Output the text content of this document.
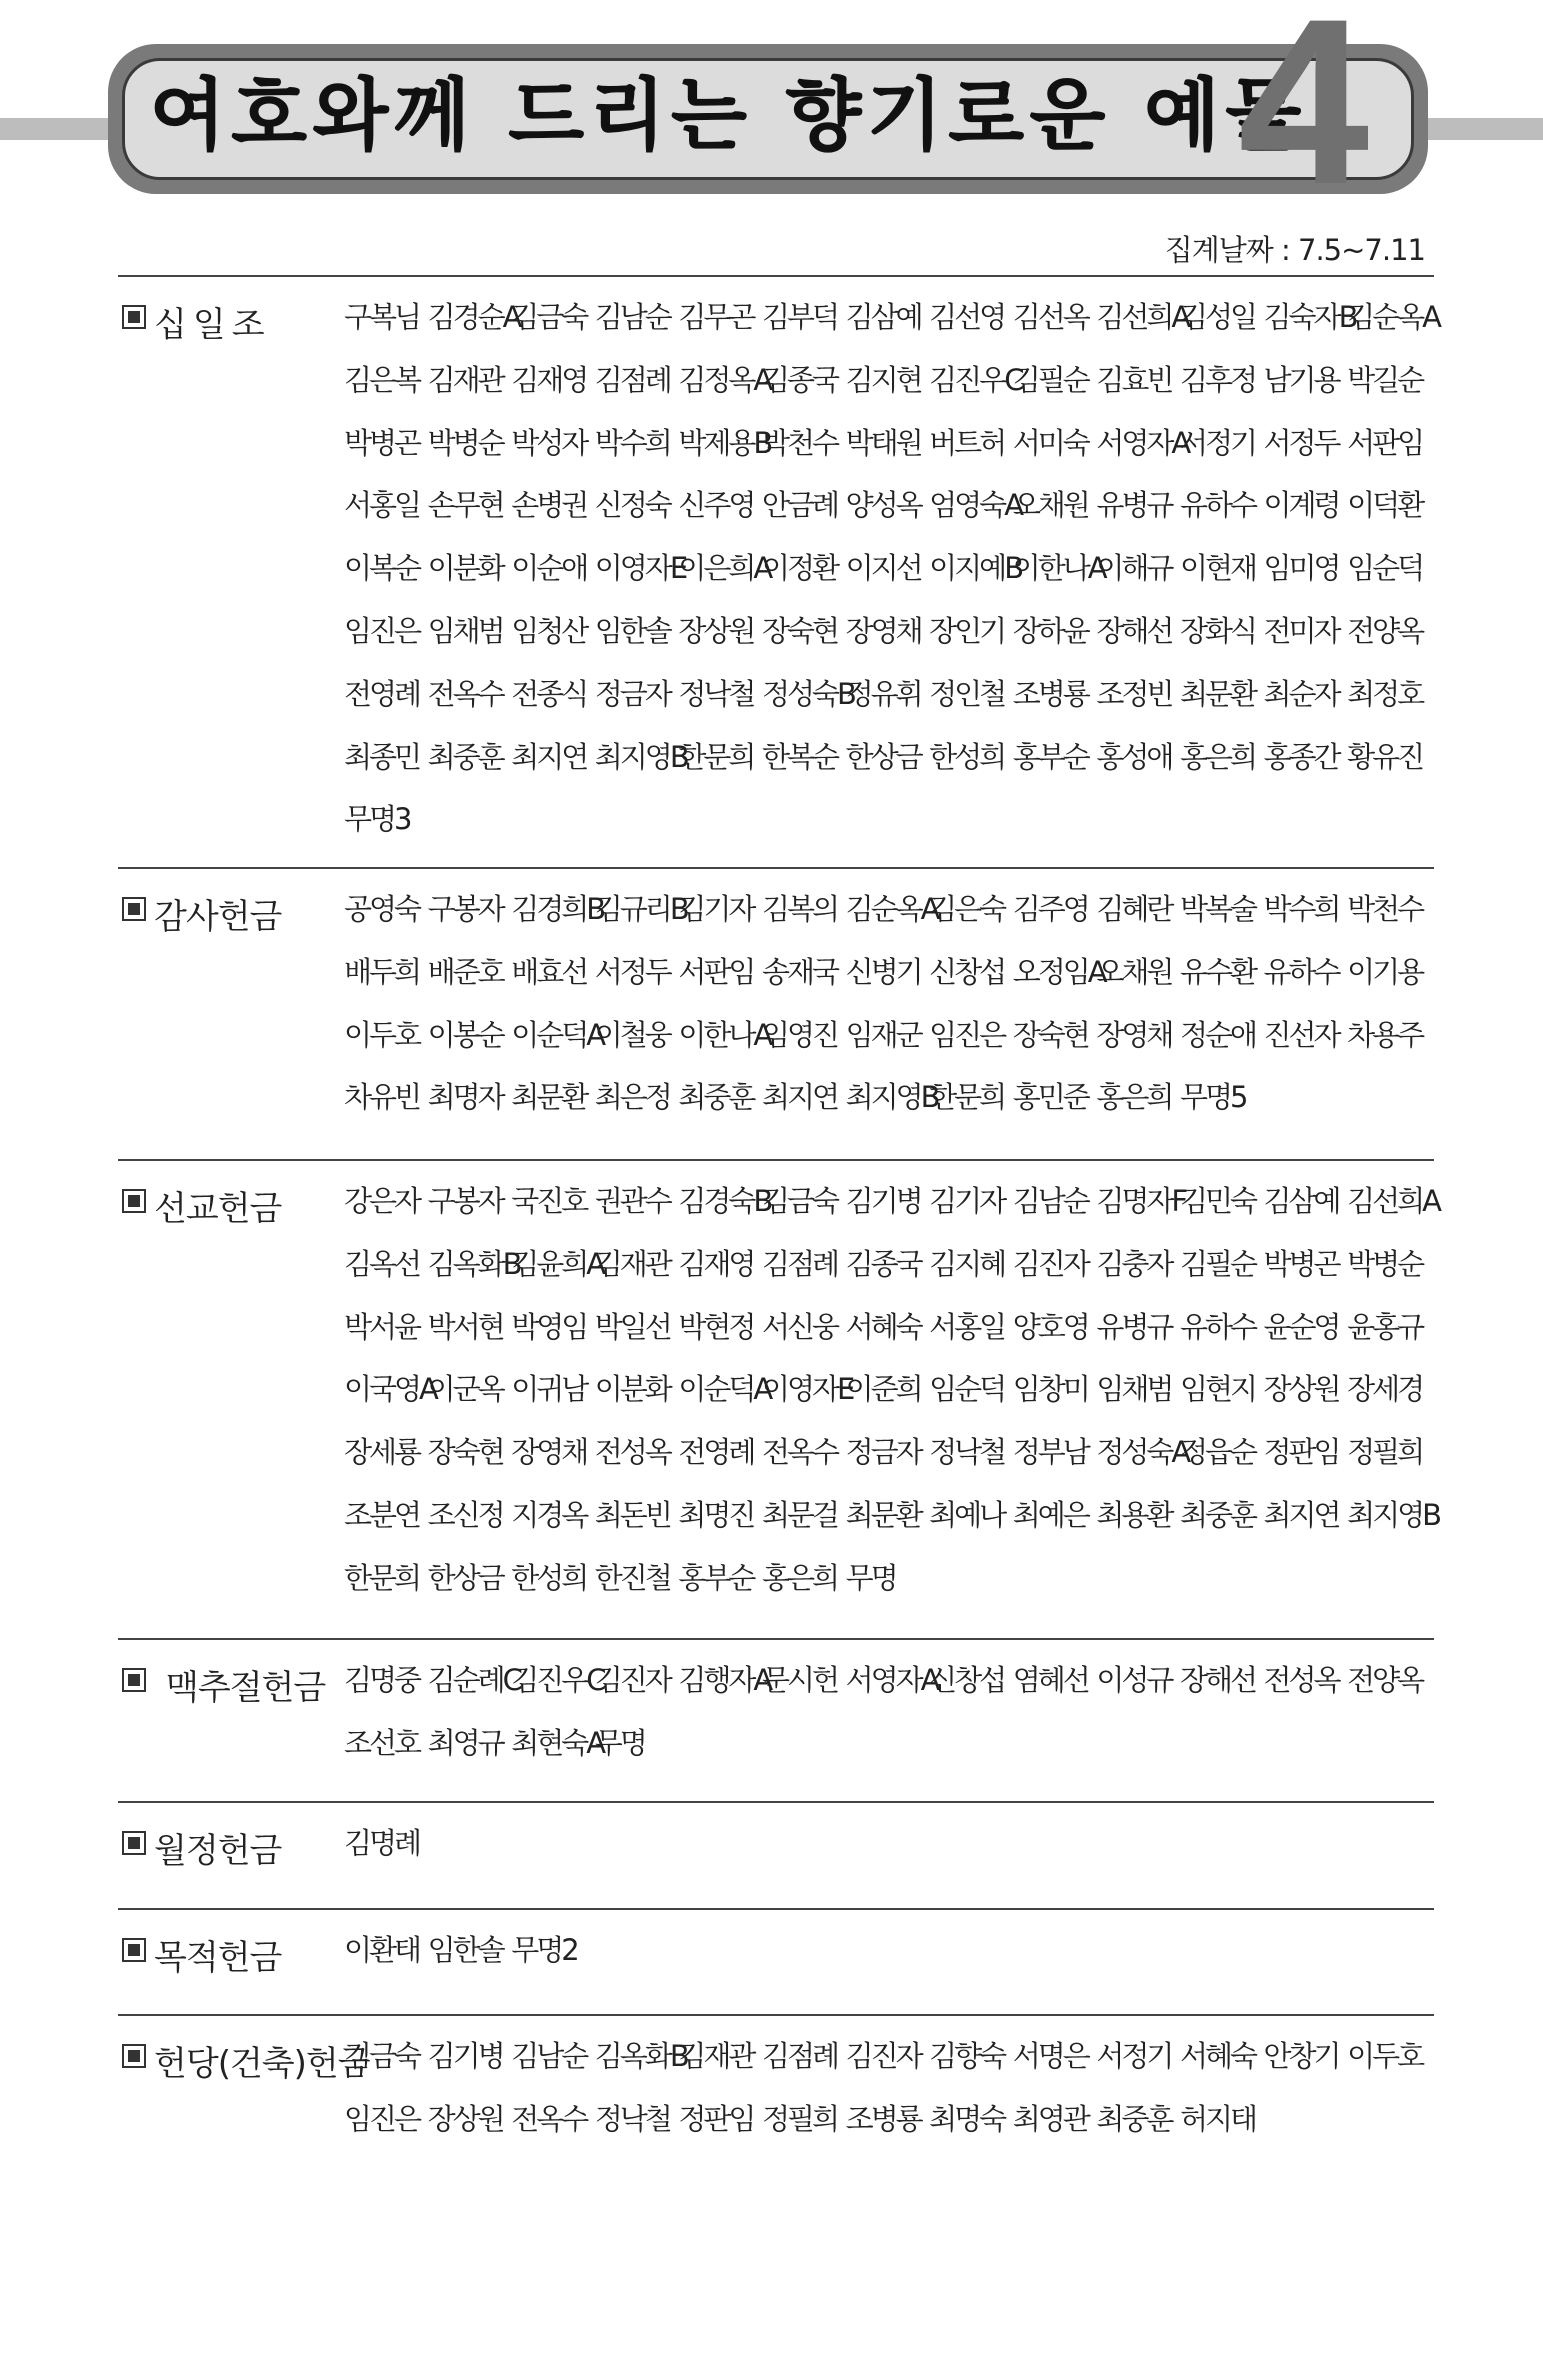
여호와께 드리는 향기로운 예물
4
집계날짜 : 7.5~7.11
십일조	구복님 김경순A
김금숙 김남순 김무곤 김부덕 김삼예 김선영 김선옥 김선희A
김성일 김숙자B
김순옥A
김은복 김재관 김재영 김점례 김정옥A
김종국 김지현 김진우C
김필순 김효빈 김후정 남기용 박길순
박병곤 박병순 박성자 박수희 박제용B
박천수 박태원 버트허 서미숙 서영자A
서정기 서정두 서판임
서홍일 손무현 손병권 신정숙 신주영 안금례 양성옥 엄영숙A
오채원 유병규 유하수 이계령 이덕환
이복순 이분화 이순애 이영자E
이은희A
이정환 이지선 이지예B
이한나A
이해규 이현재 임미영 임순덕
임진은 임채범 임청산 임한솔 장상원 장숙현 장영채 장인기 장하윤 장해선 장화식 전미자 전양옥
전영례 전옥수 전종식 정금자 정낙철 정성숙B
정유휘 정인철 조병룡 조정빈 최문환 최순자 최정호
최종민 최중훈 최지연 최지영B
한문희 한복순 한상금 한성희 홍부순 홍성애 홍은희 홍종간 황유진
무명3
감사헌금 공영숙 구봉자 김경희B
김규리B
김기자 김복의 김순옥A
김은숙 김주영 김혜란 박복술 박수희 박천수
배두희 배준호 배효선 서정두 서판임 송재국 신병기 신창섭 오정임A
오채원 유수환 유하수 이기용
이두호 이봉순 이순덕A
이철웅 이한나A
임영진 임재군 임진은 장숙현 장영채 정순애 진선자 차용주
차유빈 최명자 최문환 최은정 최중훈 최지연 최지영B
한문희 홍민준 홍은희 무명5
선교헌금 강은자 구봉자 국진호 권관수 김경숙B
김금숙 김기병 김기자 김남순 김명자F
김민숙 김삼예 김선희A
김옥선 김옥화B
김윤희A
김재관 김재영 김점례 김종국 김지혜 김진자 김충자 김필순 박병곤 박병순
박서윤 박서현 박영임 박일선 박현정 서신웅 서혜숙 서홍일 양호영 유병규 유하수 윤순영 윤홍규
이국영A
이군옥 이귀남 이분화 이순덕A
이영자E
이준희 임순덕 임창미 임채범 임현지 장상원 장세경
장세룡 장숙현 장영채 전성옥 전영례 전옥수 정금자 정낙철 정부남 정성숙A
정읍순 정판임 정필희
조분연 조신정 지경옥 최돈빈 최명진 최문걸 최문환 최예나 최예은 최용환 최중훈 최지연 최지영B
한문희 한상금 한성희 한진철 홍부순 홍은희 무명
맥추절헌금 김명중 김순례C
김진우C
김진자 김행자A
문시헌 서영자A
신창섭 염혜선 이성규 장해선 전성옥 전양옥
조선호 최영규 최현숙A
무명
월정헌금 김명례
목적헌금 이환태 임한솔 무명2
헌당(건축)헌금
김금숙 김기병 김남순 김옥화B
김재관 김점례 김진자 김향숙 서명은 서정기 서혜숙 안창기 이두호
임진은 장상원 전옥수 정낙철 정판임 정필희 조병룡 최명숙 최영관 최중훈 허지태
